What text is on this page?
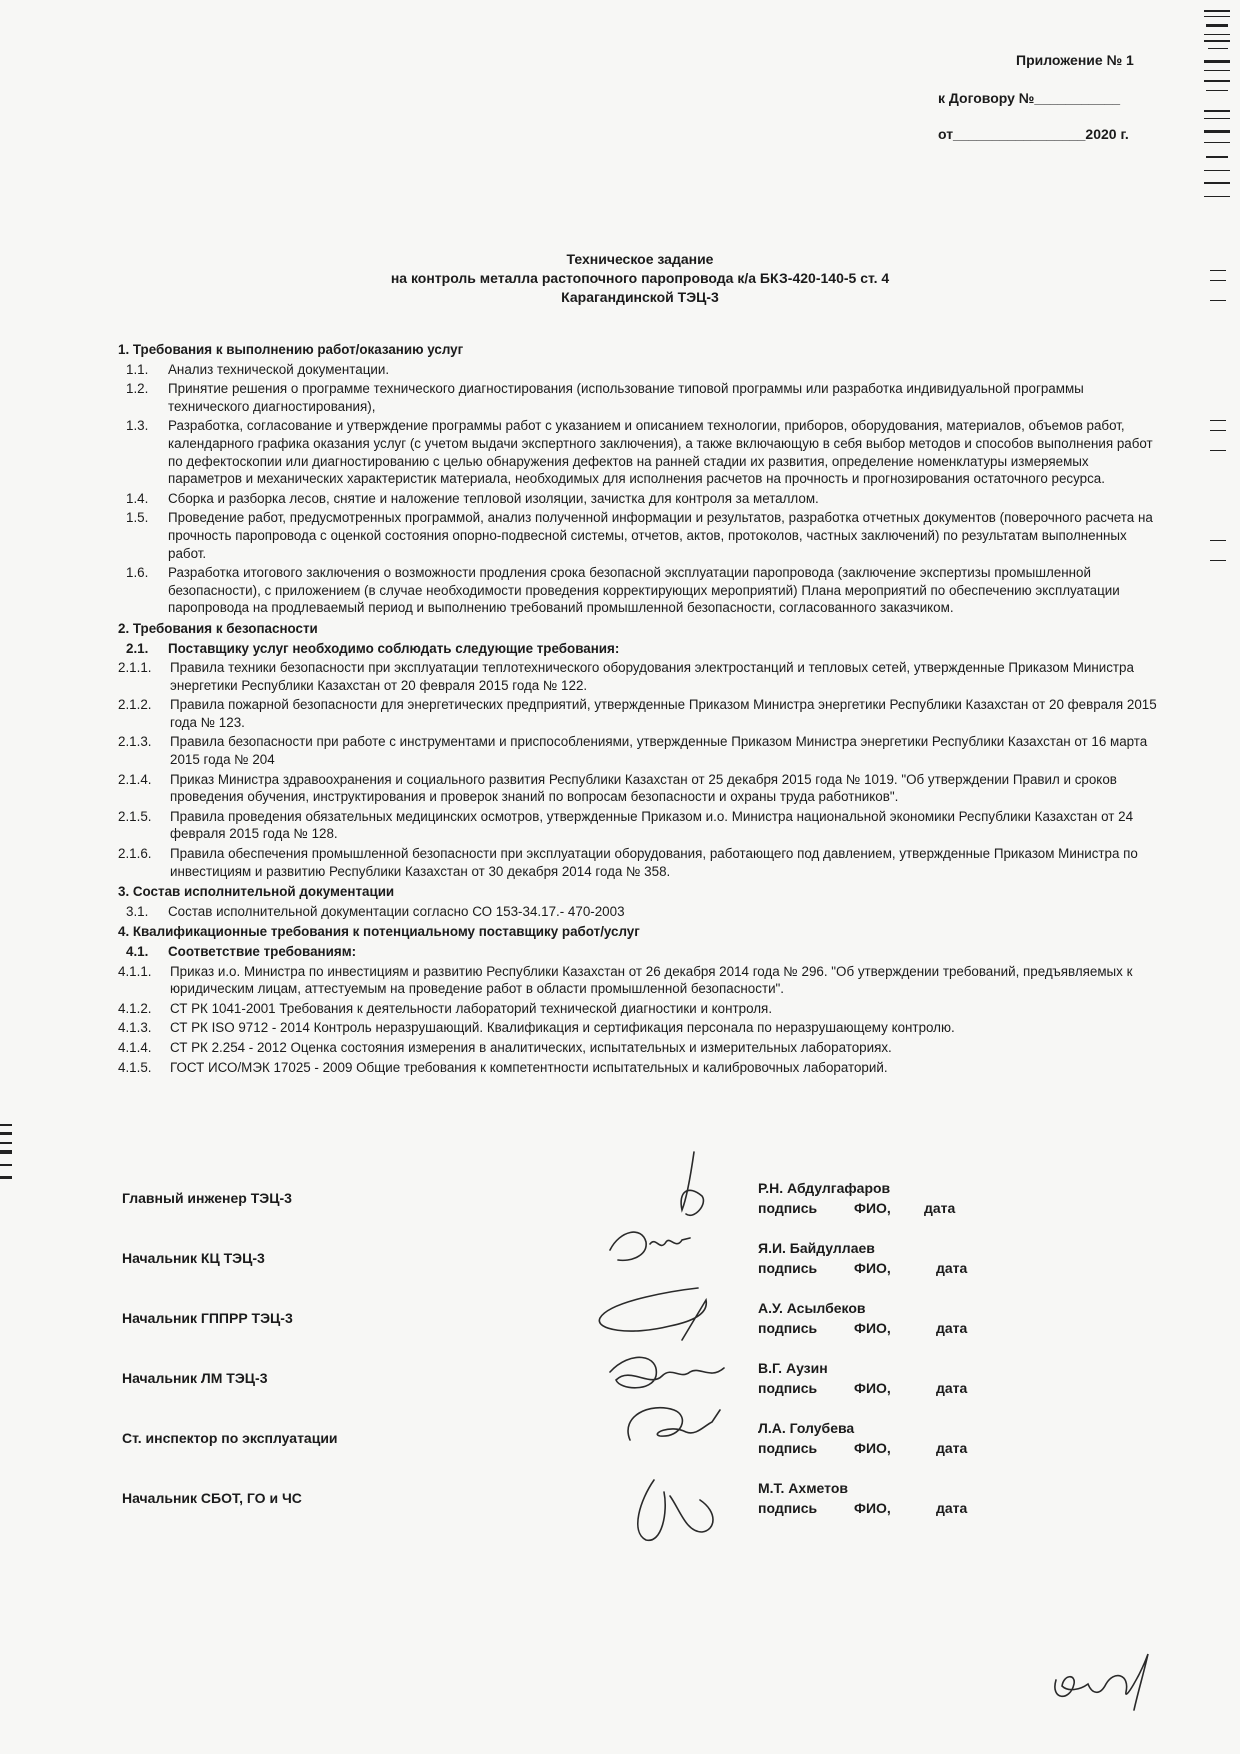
Приложение № 1
к Договору №___________
от_________________2020 г.
Техническое задание
на контроль металла растопочного паропровода к/а БКЗ-420-140-5 ст. 4
Карагандинской ТЭЦ-3
1. Требования к выполнению работ/оказанию услуг
1.1.	Анализ технической документации.
1.2.	Принятие решения о программе технического диагностирования (использование типовой программы или разработка индивидуальной программы технического диагностирования),
1.3.	Разработка, согласование и утверждение программы работ с указанием и описанием технологии, приборов, оборудования, материалов, объемов работ, календарного графика оказания услуг (с учетом выдачи экспертного заключения), а также включающую в себя выбор методов и способов выполнения работ по дефектоскопии или диагностированию с целью обнаружения дефектов на ранней стадии их развития, определение номенклатуры измеряемых параметров и механических характеристик материала, необходимых для исполнения расчетов на прочность и прогнозирования остаточного ресурса.
1.4.	Сборка и разборка лесов, снятие и наложение тепловой изоляции, зачистка для контроля за металлом.
1.5.	Проведение работ, предусмотренных программой, анализ полученной информации и результатов, разработка отчетных документов (поверочного расчета на прочность паропровода с оценкой состояния опорно-подвесной системы, отчетов, актов, протоколов, частных заключений) по результатам выполненных работ.
1.6.	Разработка итогового заключения о возможности продления срока безопасной эксплуатации паропровода (заключение экспертизы промышленной безопасности), с приложением (в случае необходимости проведения корректирующих мероприятий) Плана мероприятий по обеспечению эксплуатации паропровода на продлеваемый период и выполнению требований промышленной безопасности, согласованного заказчиком.
2. Требования к безопасности
2.1.	Поставщику услуг необходимо соблюдать следующие требования:
2.1.1.	Правила техники безопасности при эксплуатации теплотехнического оборудования электростанций и тепловых сетей, утвержденные Приказом Министра энергетики Республики Казахстан от 20 февраля 2015 года № 122.
2.1.2.	Правила пожарной безопасности для энергетических предприятий, утвержденные Приказом Министра энергетики Республики Казахстан от 20 февраля 2015 года № 123.
2.1.3.	Правила безопасности при работе с инструментами и приспособлениями, утвержденные Приказом Министра энергетики Республики Казахстан от 16 марта 2015 года № 204
2.1.4.	Приказ Министра здравоохранения и социального развития Республики Казахстан от 25 декабря 2015 года № 1019. "Об утверждении Правил и сроков проведения обучения, инструктирования и проверок знаний по вопросам безопасности и охраны труда работников".
2.1.5.	Правила проведения обязательных медицинских осмотров, утвержденные Приказом и.о. Министра национальной экономики Республики Казахстан от 24 февраля 2015 года № 128.
2.1.6.	Правила обеспечения промышленной безопасности при эксплуатации оборудования, работающего под давлением, утвержденные Приказом Министра по инвестициям и развитию Республики Казахстан от 30 декабря 2014 года № 358.
3. Состав исполнительной документации
3.1.	Состав исполнительной документации согласно СО 153-34.17.- 470-2003
4. Квалификационные требования к потенциальному поставщику работ/услуг
4.1.	Соответствие требованиям:
4.1.1.	Приказ и.о. Министра по инвестициям и развитию Республики Казахстан от 26 декабря 2014 года № 296. "Об утверждении требований, предъявляемых к юридическим лицам, аттестуемым на проведение работ в области промышленной безопасности".
4.1.2.	СТ РК 1041-2001 Требования к деятельности лабораторий технической диагностики и контроля.
4.1.3.	СТ РК ISO 9712 - 2014 Контроль неразрушающий. Квалификация и сертификация персонала по неразрушающему контролю.
4.1.4.	СТ РК 2.254 - 2012 Оценка состояния измерения в аналитических, испытательных и измерительных лабораториях.
4.1.5.	ГОСТ ИСО/МЭК 17025 - 2009 Общие требования к компетентности испытательных и калибровочных лабораторий.
Главный инженер ТЭЦ-3
Р.Н. Абдулгафаров
подпись	ФИО, дата
Начальник КЦ ТЭЦ-3
Я.И. Байдуллаев
подпись	ФИО,	дата
Начальник ГППРР ТЭЦ-3
А.У. Асылбеков
подпись	ФИО,	дата
Начальник ЛМ ТЭЦ-3
В.Г. Аузин
подпись	ФИО,	дата
Ст. инспектор по эксплуатации
Л.А. Голубева
подпись	ФИО,	дата
Начальник СБОТ, ГО и ЧС
М.Т. Ахметов
подпись	ФИО,	дата
